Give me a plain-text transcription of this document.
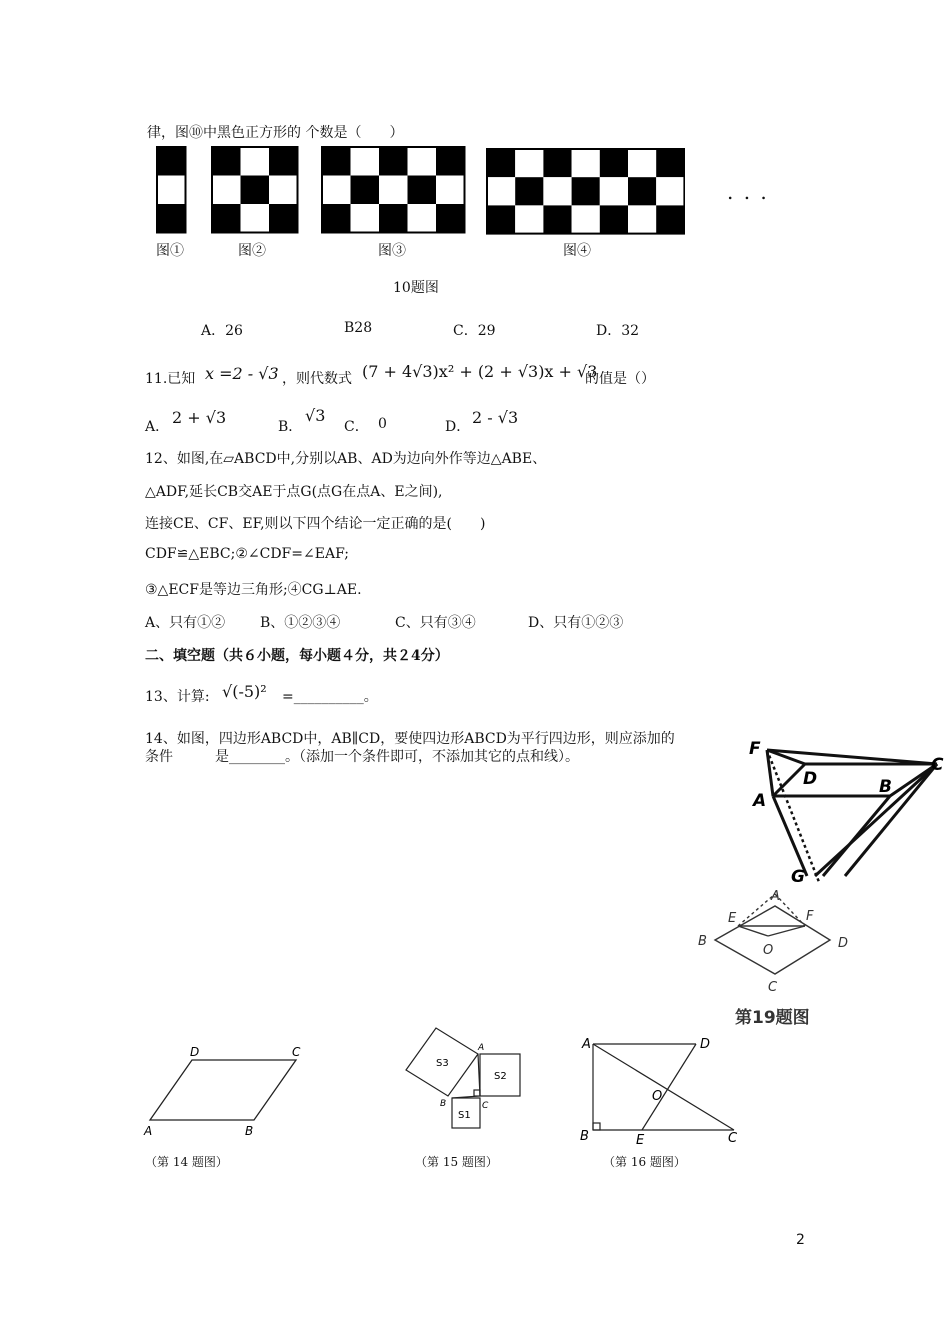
律，图⑩中黑色正方形的 个数是（　　）
. . .
图①	图②	图③	图④
10题图
A．26	B28	C．29	D．32
11.已知 x =2 - √3 ，则代数式 (7 + 4√3)x² + (2 + √3)x + √3
的值是（）
A． 2 + √3	B．
√3
C． 0	D． 2 - √3
12、如图,在▱ABCD中,分别以AB、AD为边向外作等边△ABE、
△ADF,延长CB交AE于点G(点G在点A、E之间),
连接CE、CF、EF,则以下四个结论一定正确的是(　　)
CDF≌△EBC;②∠CDF=∠EAF;
③△ECF是等边三角形;④CG⊥AE.
A、只有①② B、①②③④	C、只有③④	D、只有①②③
二、填空题（共６小题，每小题４分，共２4分）
13、计算: √(-5)² =__________。
14、如图，四边形ABCD中，AB∥CD，要使四边形ABCD为平行四边形，则应添加的
条件　　　是________。（添加一个条件即可，不添加其它的点和线）。	F
D
C
A
B
G
A
E	F
B
O	D
C
第19题图
D	C
A	B
（第 14 题图）
S3
S2
S1
A
B	C
（第 15 题图）
A	D
O
B	E	C
（第 16 题图）
2
